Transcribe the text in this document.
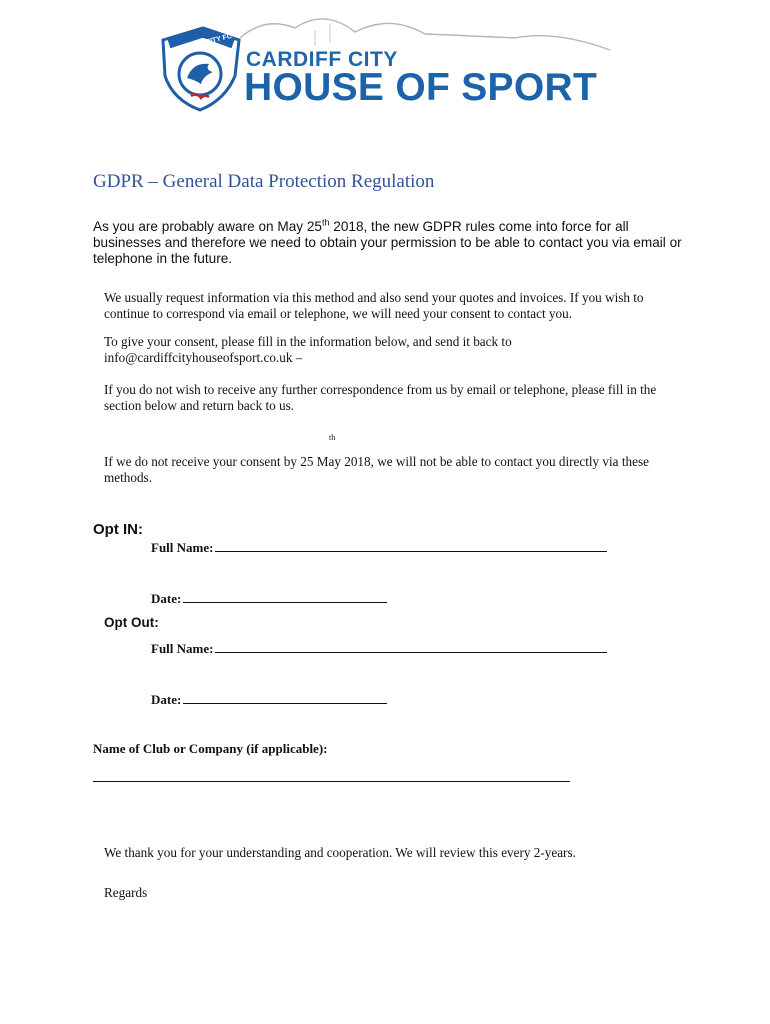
CARDIFF CITY FC
CARDIFF CITY
HOUSE OF SPORT
GDPR – General Data Protection Regulation
As you are probably aware on May 25th 2018, the new GDPR rules come into force for all businesses and therefore we need to obtain your permission to be able to contact you via email or telephone in the future.
We usually request information via this method and also send your quotes and invoices. If you wish to continue to correspond via email or telephone, we will need your consent to contact you.
To give your consent, please fill in the information below, and send it back to info@cardiffcityhouseofsport.co.uk –
If you do not wish to receive any further correspondence from us by email or telephone, please fill in the section below and return back to us.
th
If we do not receive your consent by 25 May 2018, we will not be able to contact you directly via these methods.
Opt IN:
Full Name:
Date:
Opt Out:
Full Name:
Date:
Name of Club or Company (if applicable):
We thank you for your understanding and cooperation. We will review this every 2-years.
Regards
